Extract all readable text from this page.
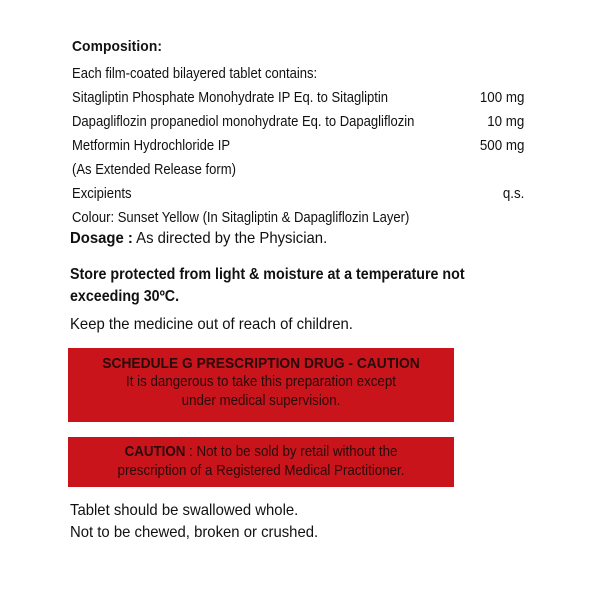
Composition:
Each film-coated bilayered tablet contains:
Sitagliptin Phosphate Monohydrate IP Eq. to Sitagliptin	100 mg
Dapagliflozin propanediol monohydrate Eq. to Dapagliflozin	10 mg
Metformin Hydrochloride IP	500 mg
(As Extended Release form)
Excipients	q.s.
Colour: Sunset Yellow (In Sitagliptin & Dapagliflozin Layer)
Dosage : As directed by the Physician.
Store protected from light & moisture at a temperature not
exceeding 30ºC.
Keep the medicine out of reach of children.
SCHEDULE G PRESCRIPTION DRUG - CAUTION
It is dangerous to take this preparation except
under medical supervision.
CAUTION : Not to be sold by retail without the
prescription of a Registered Medical Practitioner.
Tablet should be swallowed whole.
Not to be chewed, broken or crushed.
